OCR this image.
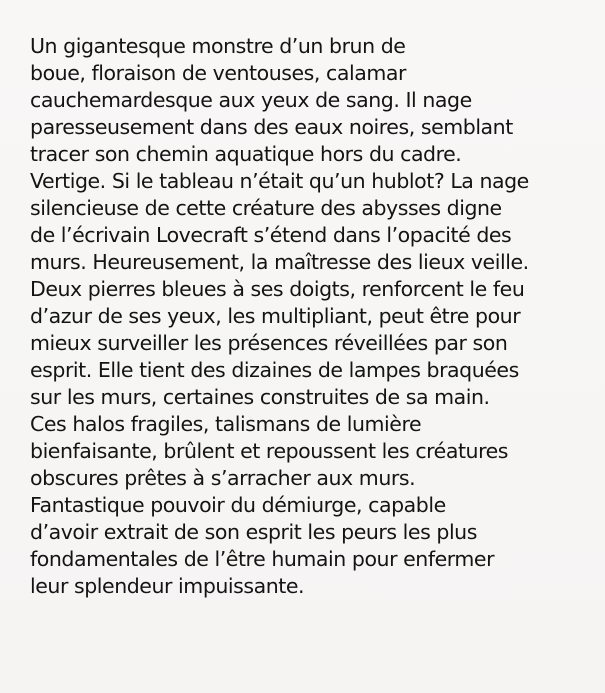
Un gigantesque monstre d’un brun de
boue, floraison de ventouses, calamar
cauchemardesque aux yeux de sang. Il nage
paresseusement dans des eaux noires, semblant
tracer son chemin aquatique hors du cadre.
Vertige. Si le tableau n’était qu’un hublot? La nage
silencieuse de cette créature des abysses digne
de l’écrivain Lovecraft s’étend dans l’opacité des
murs. Heureusement, la maîtresse des lieux veille.
Deux pierres bleues à ses doigts, renforcent le feu
d’azur de ses yeux, les multipliant, peut être pour
mieux surveiller les présences réveillées par son
esprit. Elle tient des dizaines de lampes braquées
sur les murs, certaines construites de sa main.
Ces halos fragiles, talismans de lumière
bienfaisante, brûlent et repoussent les créatures
obscures prêtes à s’arracher aux murs.
Fantastique pouvoir du démiurge, capable
d’avoir extrait de son esprit les peurs les plus
fondamentales de l’être humain pour enfermer
leur splendeur impuissante.
